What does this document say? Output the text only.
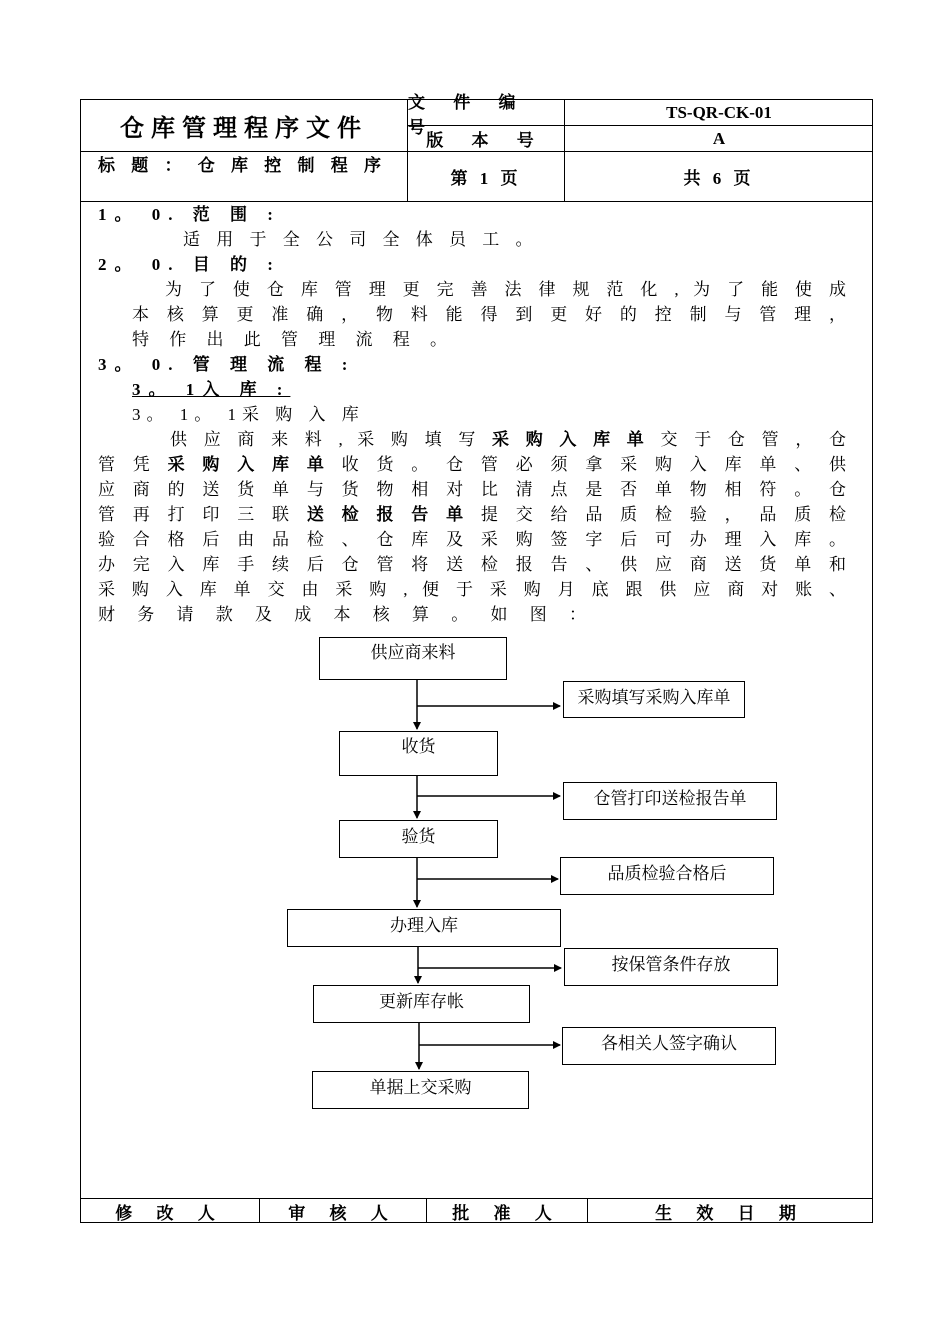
仓库管理程序文件
文 件 编 号
TS-QR-CK-01
版 本 号	A
标 题 ： 仓 库 控 制 程 序
第 1 页	共 6 页
1。 0. 范 围 :
适 用 于 全 公 司 全 体 员 工 。
2。 0. 目 的 :
为 了 使 仓 库 管 理 更 完 善 法 律 规 范 化 , 为 了 能 使 成
本 核 算 更 准 确 ， 物 料 能 得 到 更 好 的 控 制 与 管 理 ，
特 作 出 此 管 理 流 程 。
3。 0. 管 理 流 程 :
3。 1入 库 :
3。 1。 1采 购 入 库
供 应 商 来 料 , 采 购 填 写 采 购 入 库 单 交 于 仓 管 ， 仓
管 凭 采 购 入 库 单 收 货 。 仓 管 必 须 拿 采 购 入 库 单 、 供
应 商 的 送 货 单 与 货 物 相 对 比 清 点 是 否 单 物 相 符 。 仓
管 再 打 印 三 联 送 检 报 告 单 提 交 给 品 质 检 验 ， 品 质 检
验 合 格 后 由 品 检 、 仓 库 及 采 购 签 字 后 可 办 理 入 库 。
办 完 入 库 手 续 后 仓 管 将 送 检 报 告 、 供 应 商 送 货 单 和
采 购 入 库 单 交 由 采 购 , 便 于 采 购 月 底 跟 供 应 商 对 账 、
财 务 请 款 及 成 本 核 算 。 如 图 ：
供应商来料
采购填写采购入库单
收货
仓管打印送检报告单
验货
品质检验合格后
办理入库
按保管条件存放
更新库存帐
各相关人签字确认
单据上交采购
修 改 人	审 核 人	批 准 人	生 效 日 期
